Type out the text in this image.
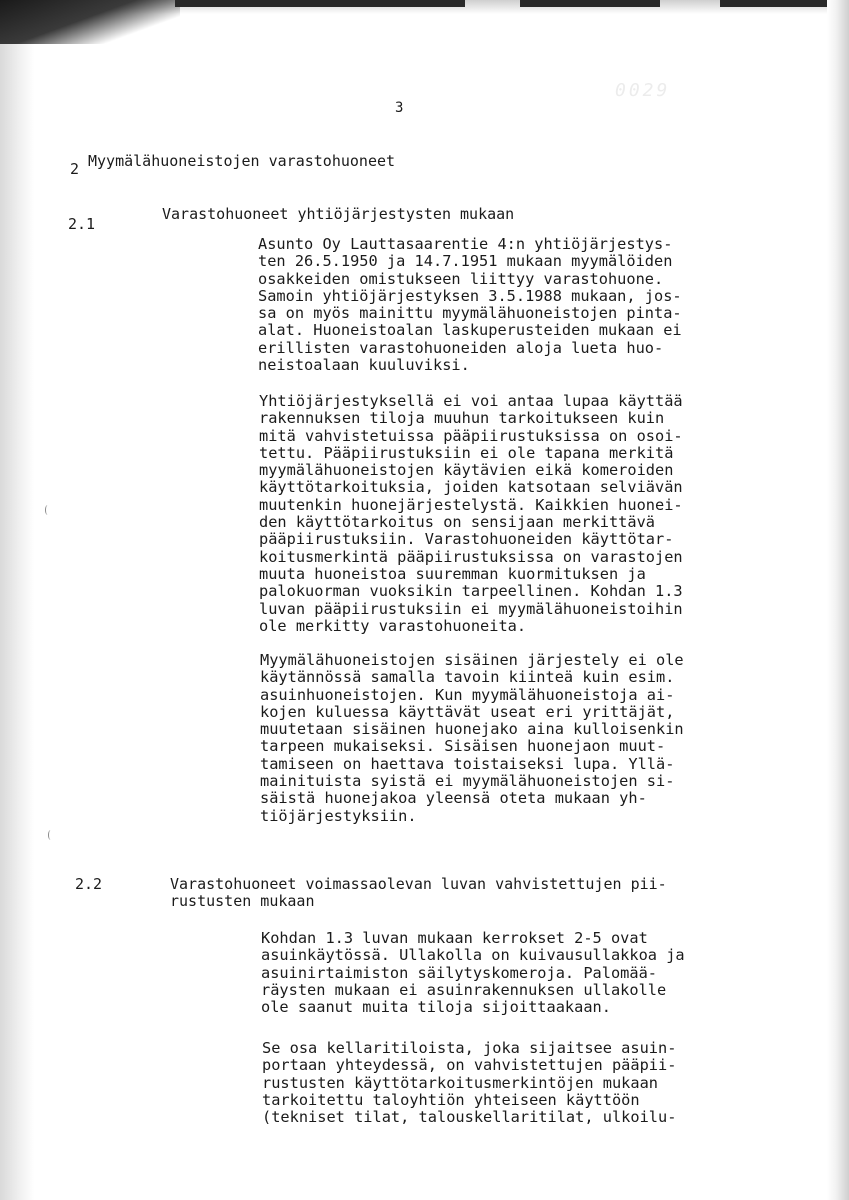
3
0029
2 Myymälähuoneistojen varastohuoneet
2.1
Varastohuoneet yhtiöjärjestysten mukaan

Asunto Oy Lauttasaarentie 4:n yhtiöjärjestys-
ten 26.5.1950 ja 14.7.1951 mukaan myymälöiden
osakkeiden omistukseen liittyy varastohuone.
Samoin yhtiöjärjestyksen 3.5.1988 mukaan, jos-
sa on myös mainittu myymälähuoneistojen pinta-
alat. Huoneistoalan laskuperusteiden mukaan ei
erillisten varastohuoneiden aloja lueta huo-
neistoalaan kuuluviksi.

Yhtiöjärjestyksellä ei voi antaa lupaa käyttää
rakennuksen tiloja muuhun tarkoitukseen kuin
mitä vahvistetuissa pääpiirustuksissa on osoi-
tettu. Pääpiirustuksiin ei ole tapana merkitä
myymälähuoneistojen käytävien eikä komeroiden
käyttötarkoituksia, joiden katsotaan selviävän
muutenkin huonejärjestelystä. Kaikkien huonei-
den käyttötarkoitus on sensijaan merkittävä
pääpiirustuksiin. Varastohuoneiden käyttötar-
koitusmerkintä pääpiirustuksissa on varastojen
muuta huoneistoa suuremman kuormituksen ja
palokuorman vuoksikin tarpeellinen. Kohdan 1.3
luvan pääpiirustuksiin ei myymälähuoneistoihin
ole merkitty varastohuoneita.

Myymälähuoneistojen sisäinen järjestely ei ole
käytännössä samalla tavoin kiinteä kuin esim.
asuinhuoneistojen. Kun myymälähuoneistoja ai-
kojen kuluessa käyttävät useat eri yrittäjät,
muutetaan sisäinen huonejako aina kulloisenkin
tarpeen mukaiseksi. Sisäisen huonejaon muut-
tamiseen on haettava toistaiseksi lupa. Yllä-
mainituista syistä ei myymälähuoneistojen si-
säistä huonejakoa yleensä oteta mukaan yh-
tiöjärjestyksiin.

2.2	Varastohuoneet voimassaolevan luvan vahvistettujen pii-
rustusten mukaan

Kohdan 1.3 luvan mukaan kerrokset 2-5 ovat
asuinkäytössä. Ullakolla on kuivausullakkoa ja
asuinirtaimiston säilytyskomeroja. Palomää-
räysten mukaan ei asuinrakennuksen ullakolle
ole saanut muita tiloja sijoittaakaan.

Se osa kellaritiloista, joka sijaitsee asuin-
portaan yhteydessä, on vahvistettujen pääpii-
rustusten käyttötarkoitusmerkintöjen mukaan
tarkoitettu taloyhtiön yhteiseen käyttöön
(tekniset tilat, talouskellaritilat, ulkoilu-
